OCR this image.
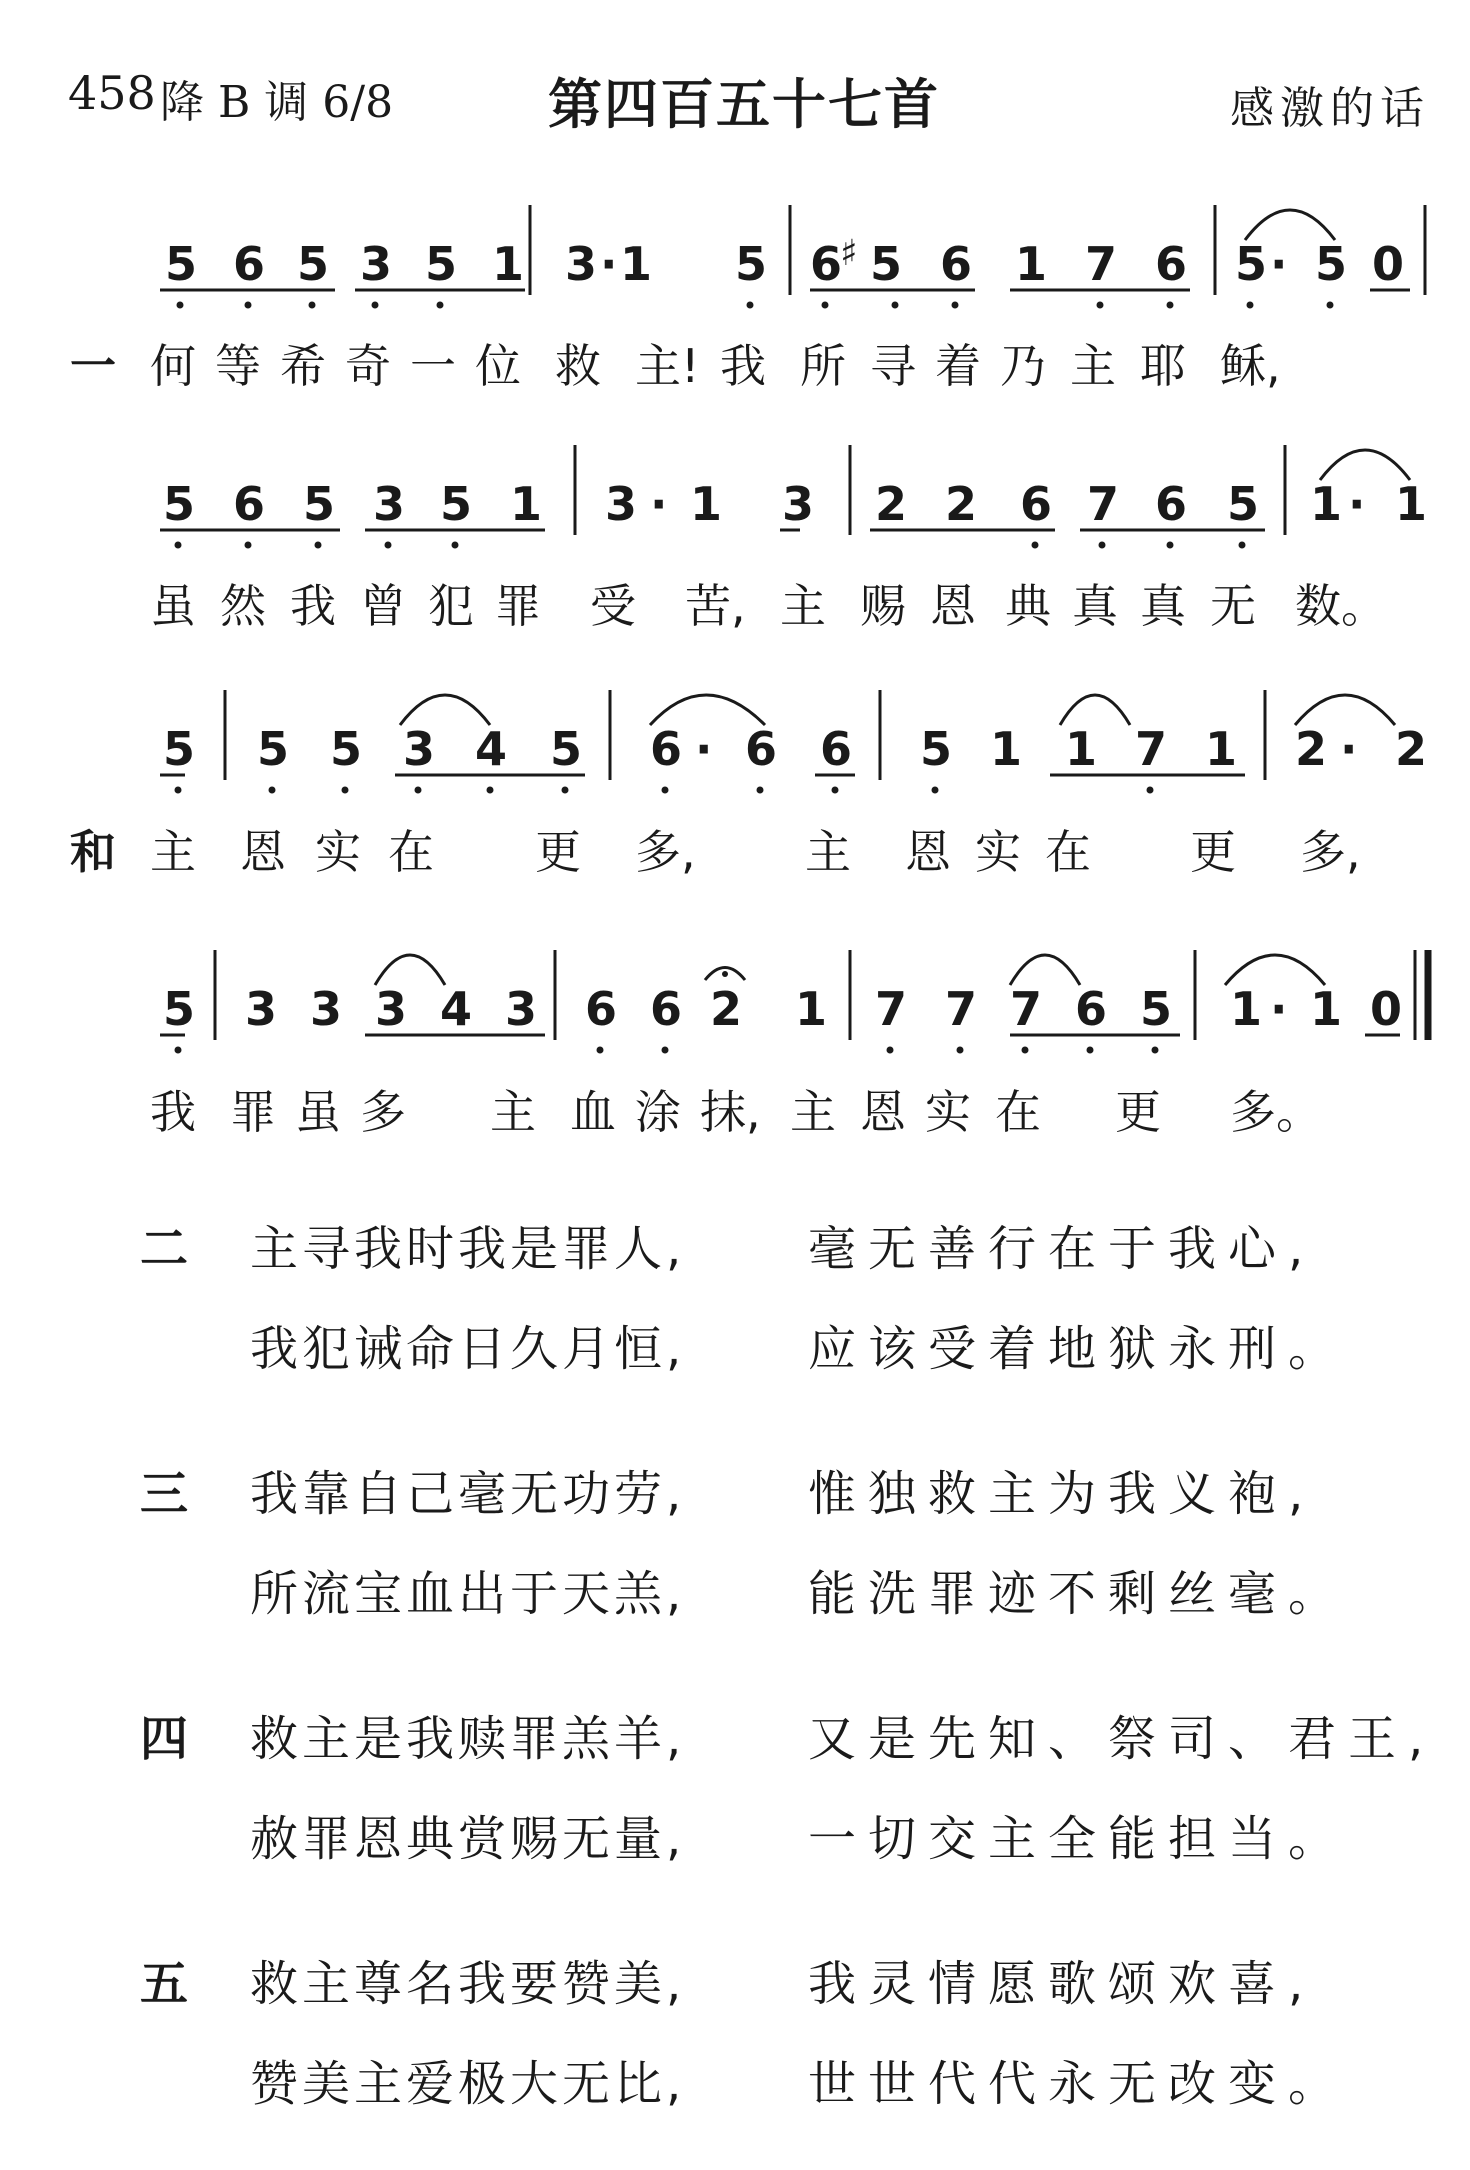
458 降 B 调 6/8	第四百五十七首	感激的话
5 6 5 3 5 1 3 · 1 5 6
♯ 5 6 1 7 6 5 · 5 0
5 6 5 3 5 1 3 · 1 3 2 2 6 7 6 5 1 · 1
5 5 5 3 4 5 6 · 6 6 5 1 1 7 1 2 · 2
5 3 3 3 4 3 6 6 2 1 7 7 7 6 5 1 · 1 0
一 何 等 希 奇 一 位 救 主! 我 所 寻 着 乃 主 耶 稣,
虽 然 我 曾 犯 罪 受 苦, 主 赐 恩 典 真 真 无 数。
和 主 恩 实 在 更 多, 主 恩 实 在 更 多,
我 罪 虽 多 主 血 涂 抹, 主 恩 实 在 更 多。
二 主寻我时我是罪人,	毫无善行在于我心,
我犯诫命日久月恒,	应该受着地狱永刑。
三 我靠自己毫无功劳,	惟独救主为我义袍,
所流宝血出于天羔,	能洗罪迹不剩丝毫。
四 救主是我赎罪羔羊,	又是先知、祭司、君王,
赦罪恩典赏赐无量,	一切交主全能担当。
五 救主尊名我要赞美,	我灵情愿歌颂欢喜,
赞美主爱极大无比,	世世代代永无改变。
